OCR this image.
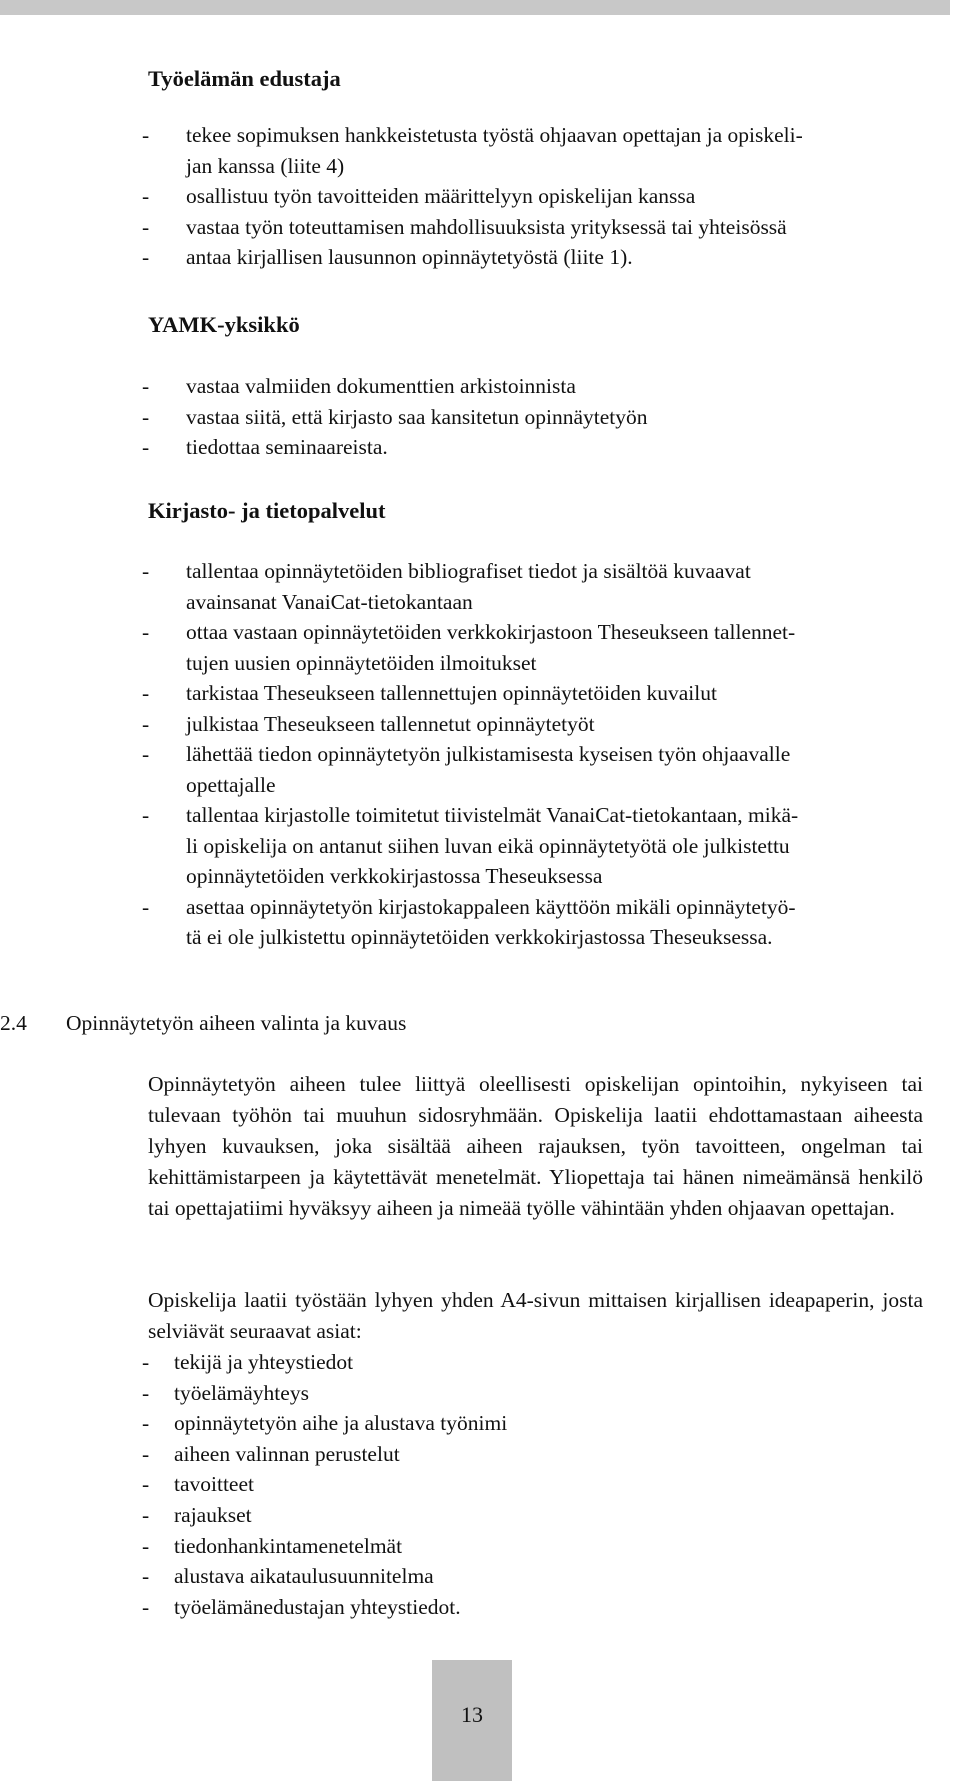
Työelämän edustaja
- tekee sopimuksen hankkeistetusta työstä ohjaavan opettajan ja opiskeli-
jan kanssa (liite 4)
- osallistuu työn tavoitteiden määrittelyyn opiskelijan kanssa
- vastaa työn toteuttamisen mahdollisuuksista yrityksessä tai yhteisössä
- antaa kirjallisen lausunnon opinnäytetyöstä (liite 1).
YAMK-yksikkö
- vastaa valmiiden dokumenttien arkistoinnista
- vastaa siitä, että kirjasto saa kansitetun opinnäytetyön
- tiedottaa seminaareista.
Kirjasto- ja tietopalvelut
- tallentaa opinnäytetöiden bibliografiset tiedot ja sisältöä kuvaavat
avainsanat VanaiCat-tietokantaan
- ottaa vastaan opinnäytetöiden verkkokirjastoon Theseukseen tallennet-
tujen uusien opinnäytetöiden ilmoitukset
- tarkistaa Theseukseen tallennettujen opinnäytetöiden kuvailut
- julkistaa Theseukseen tallennetut opinnäytetyöt
- lähettää tiedon opinnäytetyön julkistamisesta kyseisen työn ohjaavalle
opettajalle
- tallentaa kirjastolle toimitetut tiivistelmät VanaiCat-tietokantaan, mikä-
li opiskelija on antanut siihen luvan eikä opinnäytetyötä ole julkistettu
opinnäytetöiden verkkokirjastossa Theseuksessa
- asettaa opinnäytetyön kirjastokappaleen käyttöön mikäli opinnäytetyö-
tä ei ole julkistettu opinnäytetöiden verkkokirjastossa Theseuksessa.
2.4 Opinnäytetyön aiheen valinta ja kuvaus
Opinnäytetyön aiheen tulee liittyä oleellisesti opiskelijan opintoihin, nykyiseen tai tulevaan työhön tai muuhun sidosryhmään. Opiskelija laatii ehdottamastaan aiheesta lyhyen kuvauksen, joka sisältää aiheen rajauksen, työn tavoitteen, ongelman tai kehittämistarpeen ja käytettävät menetelmät. Yliopettaja tai hänen nimeämänsä henkilö tai opettajatiimi hyväksyy aiheen ja nimeää työlle vähintään yhden ohjaavan opettajan.
Opiskelija laatii työstään lyhyen yhden A4-sivun mittaisen kirjallisen ideapaperin, josta selviävät seuraavat asiat:
- tekijä ja yhteystiedot
- työelämäyhteys
- opinnäytetyön aihe ja alustava työnimi
- aiheen valinnan perustelut
- tavoitteet
- rajaukset
- tiedonhankintamenetelmät
- alustava aikataulusuunnitelma
- työelämänedustajan yhteystiedot.
13
